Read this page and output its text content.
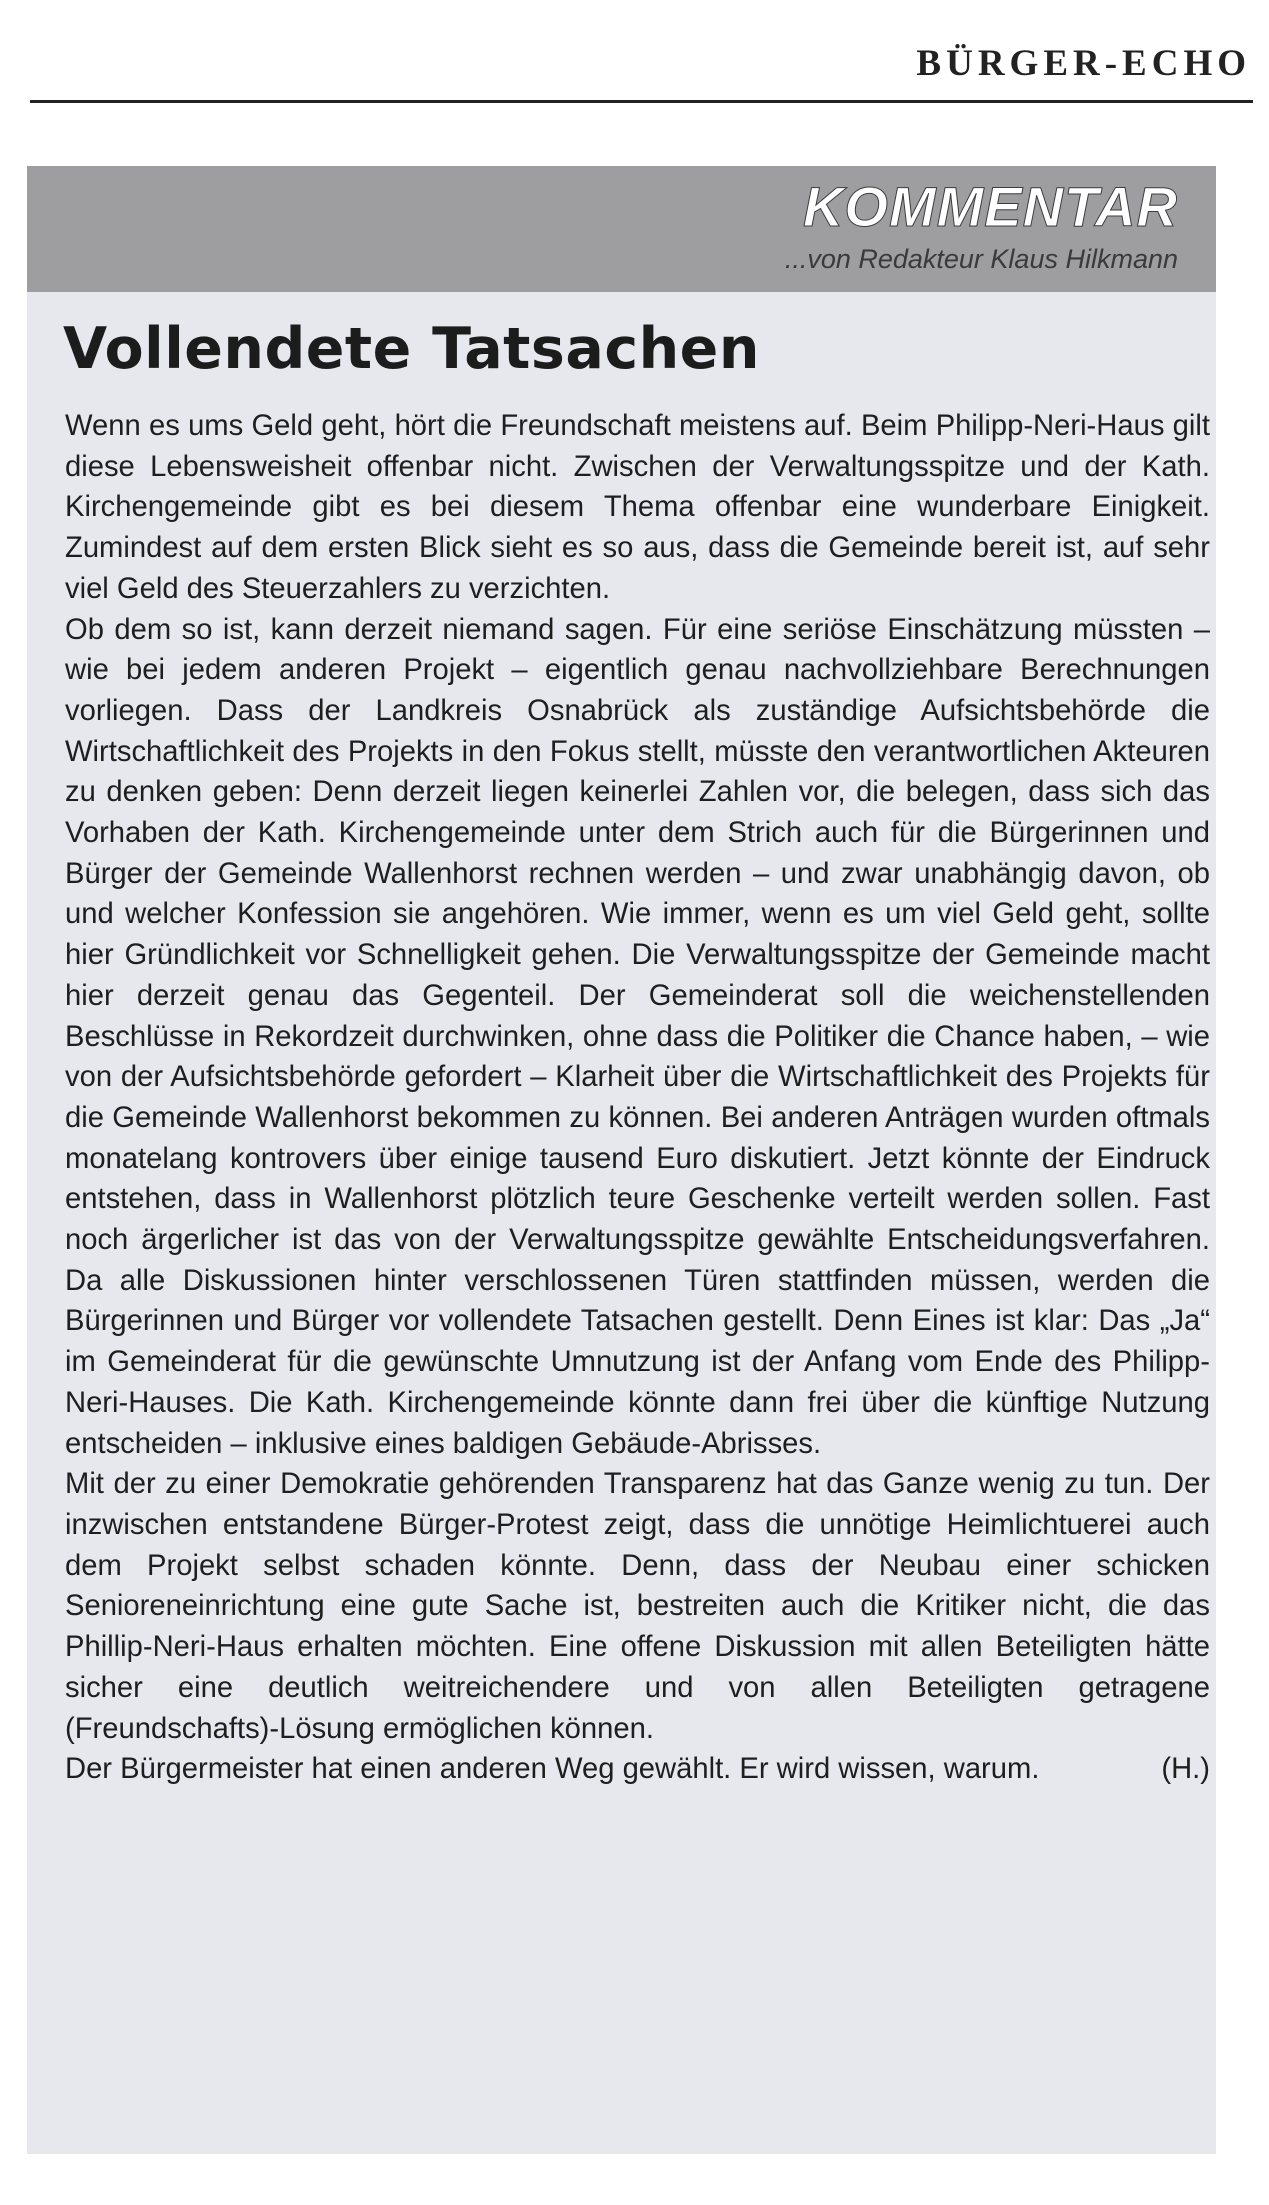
BÜRGER-ECHO
KOMMENTAR
...von Redakteur Klaus Hilkmann
Vollendete Tatsachen

Wenn es ums Geld geht, hört die Freundschaft meistens auf. Beim Philipp-Neri-Haus gilt diese Lebensweisheit offenbar nicht. Zwischen der Verwaltungsspitze und der Kath. Kirchengemeinde gibt es bei diesem Thema offenbar eine wunderbare Einigkeit. Zumindest auf dem ersten Blick sieht es so aus, dass die Gemeinde bereit ist, auf sehr viel Geld des Steuerzahlers zu verzichten.

Ob dem so ist, kann derzeit niemand sagen. Für eine seriöse Einschätzung müssten – wie bei jedem anderen Projekt – eigentlich genau nachvollziehbare Berechnungen vorliegen. Dass der Landkreis Osnabrück als zuständige Aufsichtsbehörde die Wirtschaftlichkeit des Projekts in den Fokus stellt, müsste den verantwortlichen Akteuren zu denken geben: Denn derzeit liegen keinerlei Zahlen vor, die belegen, dass sich das Vorhaben der Kath. Kirchengemeinde unter dem Strich auch für die Bürgerinnen und Bürger der Gemeinde Wallenhorst rechnen werden – und zwar unabhängig davon, ob und welcher Konfession sie angehören. Wie immer, wenn es um viel Geld geht, sollte hier Gründlichkeit vor Schnelligkeit gehen. Die Verwaltungsspitze der Gemeinde macht hier derzeit genau das Gegenteil. Der Gemeinderat soll die weichenstellenden Beschlüsse in Rekordzeit durchwinken, ohne dass die Politiker die Chance haben, – wie von der Aufsichtsbehörde gefordert – Klarheit über die Wirtschaftlichkeit des Projekts für die Gemeinde Wallenhorst bekommen zu können. Bei anderen Anträgen wurden oftmals monatelang kontrovers über einige tausend Euro diskutiert. Jetzt könnte der Eindruck entstehen, dass in Wallenhorst plötzlich teure Geschenke verteilt werden sollen. Fast noch ärgerlicher ist das von der Verwaltungsspitze gewählte Entscheidungsverfahren. Da alle Diskussionen hinter verschlossenen Türen stattfinden müssen, werden die Bürgerinnen und Bürger vor vollendete Tatsachen gestellt. Denn Eines ist klar: Das „Ja“ im Gemeinderat für die gewünschte Umnutzung ist der Anfang vom Ende des Philipp-Neri-Hauses. Die Kath. Kirchengemeinde könnte dann frei über die künftige Nutzung entscheiden – inklusive eines baldigen Gebäude-Abrisses.

Mit der zu einer Demokratie gehörenden Transparenz hat das Ganze wenig zu tun. Der inzwischen entstandene Bürger-Protest zeigt, dass die unnötige Heimlichtuerei auch dem Projekt selbst schaden könnte. Denn, dass der Neubau einer schicken Senioreneinrichtung eine gute Sache ist, bestreiten auch die Kritiker nicht, die das Phillip-Neri-Haus erhalten möchten. Eine offene Diskussion mit allen Beteiligten hätte sicher eine deutlich weitreichendere und von allen Beteiligten getragene (Freundschafts)-Lösung ermöglichen können.

Der Bürgermeister hat einen anderen Weg gewählt. Er wird wissen, warum.	(H.)
